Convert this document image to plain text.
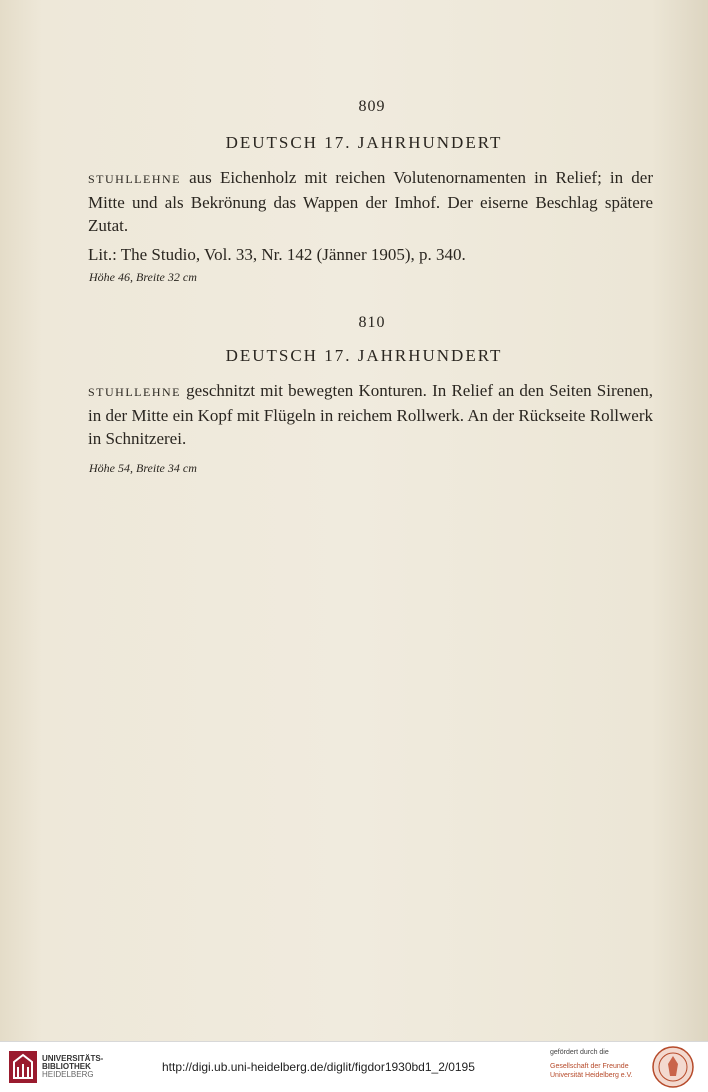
809
DEUTSCH 17. JAHRHUNDERT
STUHLLEHNE aus Eichenholz mit reichen Volutenornamenten in Relief; in der Mitte und als Bekrönung das Wappen der Imhof. Der eiserne Beschlag spätere Zutat.
Lit.: The Studio, Vol. 33, Nr. 142 (Jänner 1905), p. 340.
Höhe 46, Breite 32 cm
810
DEUTSCH 17. JAHRHUNDERT
STUHLLEHNE geschnitzt mit bewegten Konturen. In Relief an den Seiten Sirenen, in der Mitte ein Kopf mit Flügeln in reichem Rollwerk. An der Rückseite Rollwerk in Schnitzerei.
Höhe 54, Breite 34 cm
UNIVERSITÄTS-
BIBLIOTHEK
HEIDELBERG
http://digi.ub.uni-heidelberg.de/diglit/figdor1930bd1_2/0195
gefördert durch die
Gesellschaft der Freunde
Universität Heidelberg e.V.
